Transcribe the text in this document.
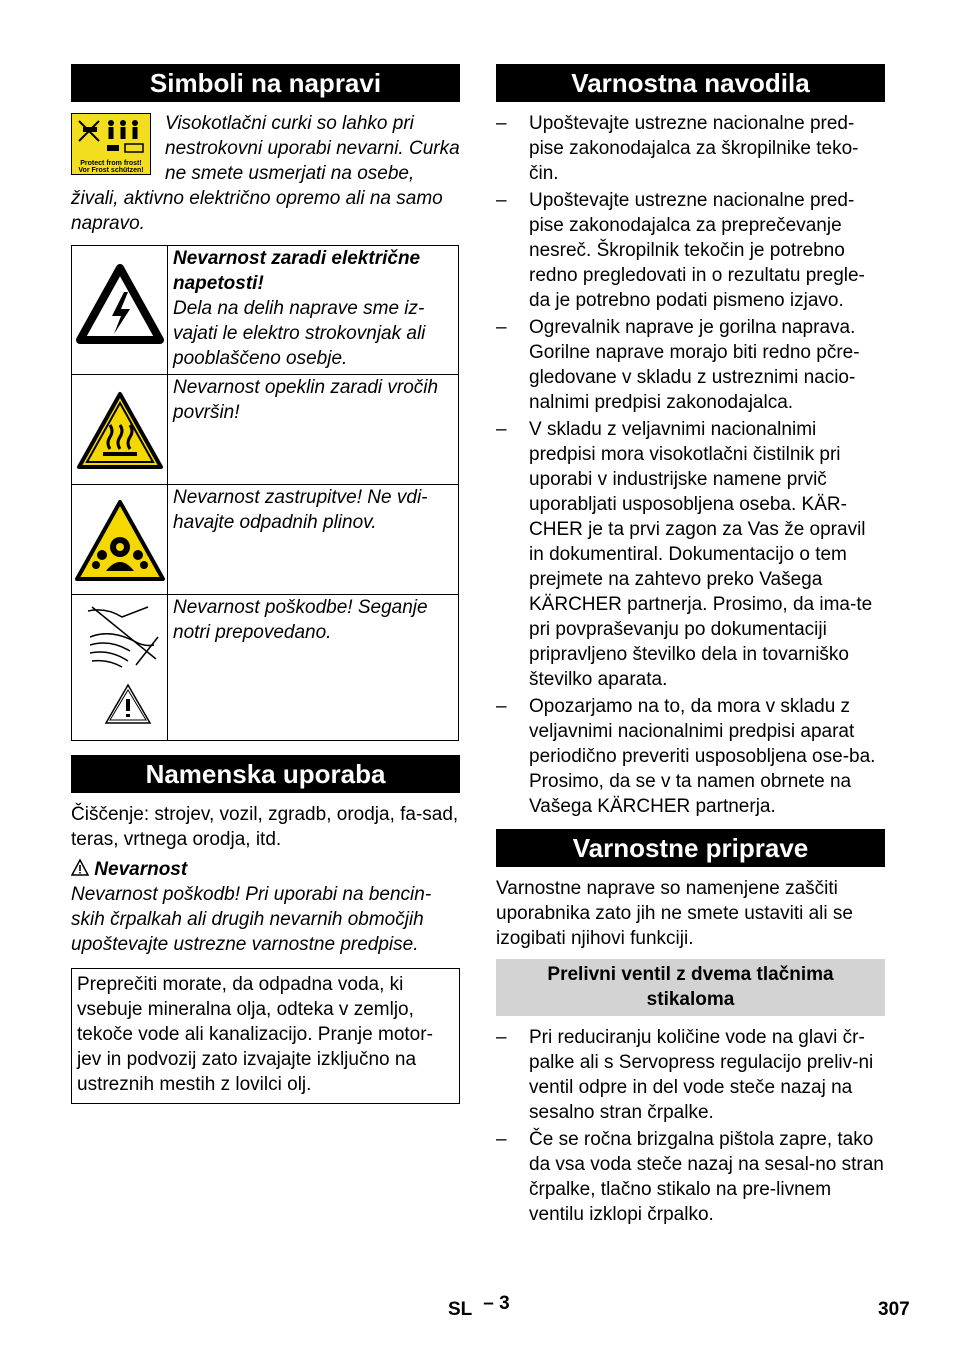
Simboli na napravi
Protect from frost!
Vor Frost schützen!

Visokotlačni curki so lahko pri nestrokovni uporabi nevarni. Curka ne smete usmerjati na osebe, živali, aktivno električno opremo ali na samo napravo.

Nevarnost zaradi električne napetosti!
Dela na delih naprave sme iz-vajati le elektro strokovnjak ali pooblaščeno osebje.

Nevarnost opeklin zaradi vročih površin!

Nevarnost zastrupitve! Ne vdi-havajte odpadnih plinov.

Nevarnost poškodbe! Seganje notri prepovedano.
Namenska uporaba

Čiščenje: strojev, vozil, zgradb, orodja, fa-sad, teras, vrtnega orodja, itd.

Nevarnost

Nevarnost poškodb! Pri uporabi na bencin-skih črpalkah ali drugih nevarnih območjih upoštevajte ustrezne varnostne predpise.

Preprečiti morate, da odpadna voda, ki vsebuje mineralna olja, odteka v zemljo, tekoče vode ali kanalizacijo. Pranje motor-jev in podvozij zato izvajajte izključno na ustreznih mestih z lovilci olj.

Varnostna navodila
– Upoštevajte ustrezne nacionalne pred-pise zakonodajalca za škropilnike teko-čin.
– Upoštevajte ustrezne nacionalne pred-pise zakonodajalca za preprečevanje nesreč. Škropilnik tekočin je potrebno redno pregledovati in o rezultatu pregle-da je potrebno podati pismeno izjavo.
– Ogrevalnik naprave je gorilna naprava. Gorilne naprave morajo biti redno pčre-gledovane v skladu z ustreznimi nacio-nalnimi predpisi zakonodajalca.
– V skladu z veljavnimi nacionalnimi predpisi mora visokotlačni čistilnik pri uporabi v industrijske namene prvič uporabljati usposobljena oseba. KÄR-CHER je ta prvi zagon za Vas že opravil in dokumentiral. Dokumentacijo o tem prejmete na zahtevo preko Vašega KÄRCHER partnerja. Prosimo, da ima-te pri povpraševanju po dokumentaciji pripravljeno številko dela in tovarniško številko aparata.
– Opozarjamo na to, da mora v skladu z veljavnimi nacionalnimi predpisi aparat periodično preveriti usposobljena ose-ba. Prosimo, da se v ta namen obrnete na Vašega KÄRCHER partnerja.
Varnostne priprave

Varnostne naprave so namenjene zaščiti uporabnika zato jih ne smete ustaviti ali se izogibati njihovi funkciji.

Prelivni ventil z dvema tlačnima stikaloma
– Pri reduciranju količine vode na glavi čr-palke ali s Servopress regulacijo preliv-ni ventil odpre in del vode steče nazaj na sesalno stran črpalke.
– Če se ročna brizgalna pištola zapre, tako da vsa voda steče nazaj na sesal-no stran črpalke, tlačno stikalo na pre-livnem ventilu izklopi črpalko.
SL – 3	307
